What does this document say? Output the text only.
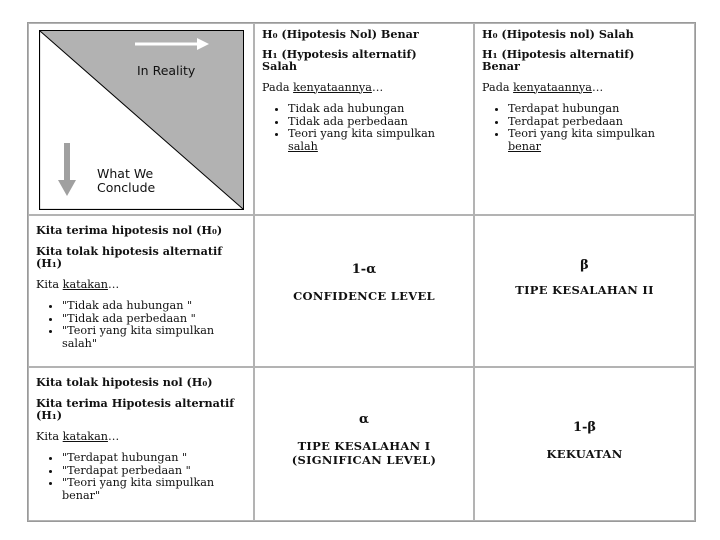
In Reality
What We
Conclude
H₀ (Hipotesis Nol) Benar
H₁ (Hypotesis alternatif)
Salah
Pada kenyataannya…
• Tidak ada hubungan
• Tidak ada perbedaan
• Teori yang kita simpulkan
salah
H₀ (Hipotesis nol) Salah
H₁ (Hipotesis alternatif)
Benar
Pada kenyataannya…
• Terdapat hubungan
• Terdapat perbedaan
• Teori yang kita simpulkan
benar
Kita terima hipotesis nol (H₀)
Kita tolak hipotesis alternatif
(H₁)
Kita katakan…
• "Tidak ada hubungan "
• "Tidak ada perbedaan "
• "Teori yang kita simpulkan
salah"
1-α
CONFIDENCE LEVEL
β
TIPE KESALAHAN II
Kita tolak hipotesis nol (H₀)
Kita terima Hipotesis alternatif
(H₁)
Kita katakan…
• "Terdapat hubungan "
• "Terdapat perbedaan "
• "Teori yang kita simpulkan
benar"
α
TIPE KESALAHAN I
(SIGNIFICAN LEVEL)
1-β
KEKUATAN
